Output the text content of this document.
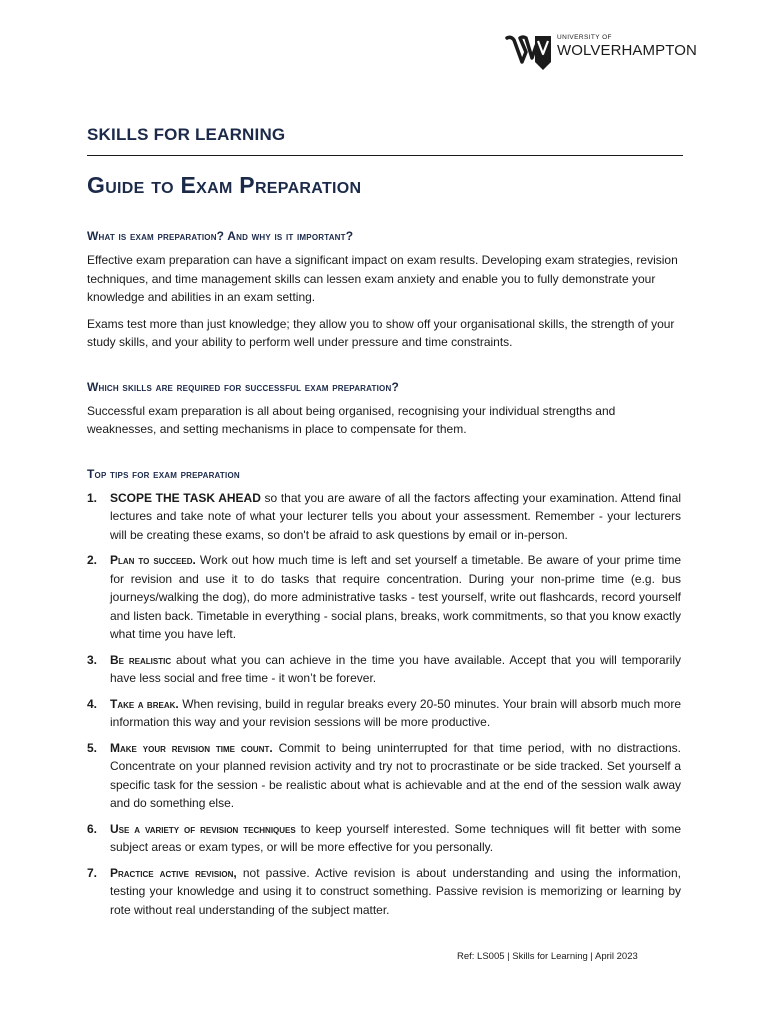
UNIVERSITY OF
WOLVERHAMPTON
SKILLS FOR LEARNING
Guide to Exam Preparation

What is exam preparation? And why is it important?

Effective exam preparation can have a significant impact on exam results. Developing exam strategies, revision techniques, and time management skills can lessen exam anxiety and enable you to fully demonstrate your knowledge and abilities in an exam setting.

Exams test more than just knowledge; they allow you to show off your organisational skills, the strength of your study skills, and your ability to perform well under pressure and time constraints.

Which skills are required for successful exam preparation?

Successful exam preparation is all about being organised, recognising your individual strengths and weaknesses, and setting mechanisms in place to compensate for them.

Top tips for exam preparation

1.	SCOPE THE TASK AHEAD so that you are aware of all the factors affecting your examination. Attend final lectures and take note of what your lecturer tells you about your assessment. Remember - your lecturers will be creating these exams, so don't be afraid to ask questions by email or in-person.
2.	Plan to succeed. Work out how much time is left and set yourself a timetable. Be aware of your prime time for revision and use it to do tasks that require concentration. During your non-prime time (e.g. bus journeys/walking the dog), do more administrative tasks - test yourself, write out flashcards, record yourself and listen back. Timetable in everything - social plans, breaks, work commitments, so that you know exactly what time you have left.
3.	Be realistic about what you can achieve in the time you have available. Accept that you will temporarily have less social and free time - it won’t be forever.
4.	Take a break. When revising, build in regular breaks every 20-50 minutes. Your brain will absorb much more information this way and your revision sessions will be more productive.
5.	Make your revision time count. Commit to being uninterrupted for that time period, with no distractions. Concentrate on your planned revision activity and try not to procrastinate or be side tracked. Set yourself a specific task for the session - be realistic about what is achievable and at the end of the session walk away and do something else.
6.	Use a variety of revision techniques to keep yourself interested. Some techniques will fit better with some subject areas or exam types, or will be more effective for you personally.
7.	Practice active revision, not passive. Active revision is about understanding and using the information, testing your knowledge and using it to construct something. Passive revision is memorizing or learning by rote without real understanding of the subject matter.
Ref: LS005 | Skills for Learning | April 2023
